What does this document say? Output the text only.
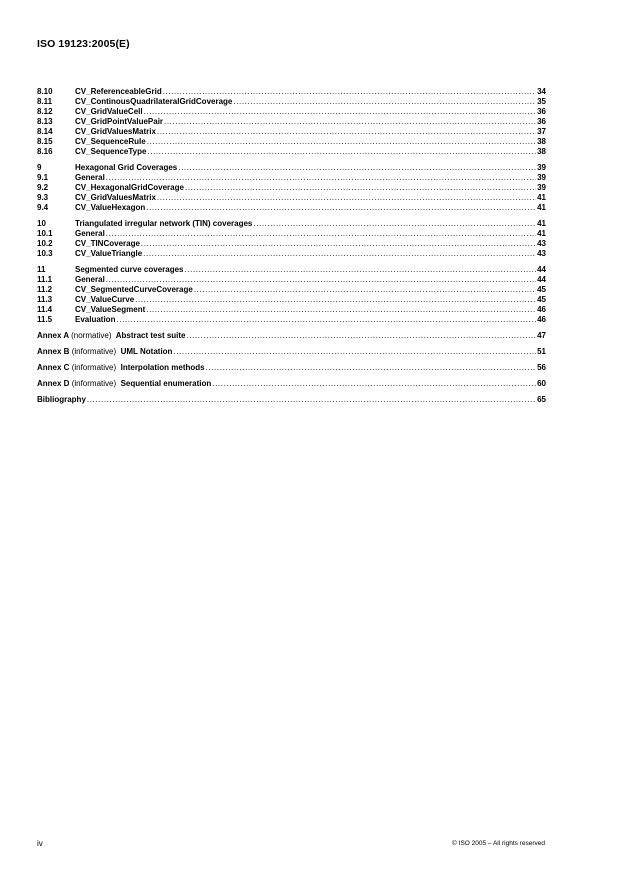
ISO 19123:2005(E)
8.10	CV_ReferenceableGrid .....	34
8.11	CV_ContinousQuadrilateralGridCoverage .....	35
8.12	CV_GridValueCell .....	36
8.13	CV_GridPointValuePair .....	36
8.14	CV_GridValuesMatrix .....	37
8.15	CV_SequenceRule .....	38
8.16	CV_SequenceType .....	38
9	Hexagonal Grid Coverages .....	39
9.1	General .....	39
9.2	CV_HexagonalGridCoverage .....	39
9.3	CV_GridValuesMatrix .....	41
9.4	CV_ValueHexagon .....	41
10	Triangulated irregular network (TIN) coverages .....	41
10.1	General .....	41
10.2	CV_TINCoverage .....	43
10.3	CV_ValueTriangle .....	43
11	Segmented curve coverages .....	44
11.1	General .....	44
11.2	CV_SegmentedCurveCoverage .....	45
11.3	CV_ValueCurve .....	45
11.4	CV_ValueSegment .....	46
11.5	Evaluation .....	46
Annex A (normative) Abstract test suite .....	47
Annex B (informative) UML Notation .....	51
Annex C (informative) Interpolation methods .....	56
Annex D (informative) Sequential enumeration .....	60
Bibliography .....	65
iv	© ISO 2005 – All rights reserved
